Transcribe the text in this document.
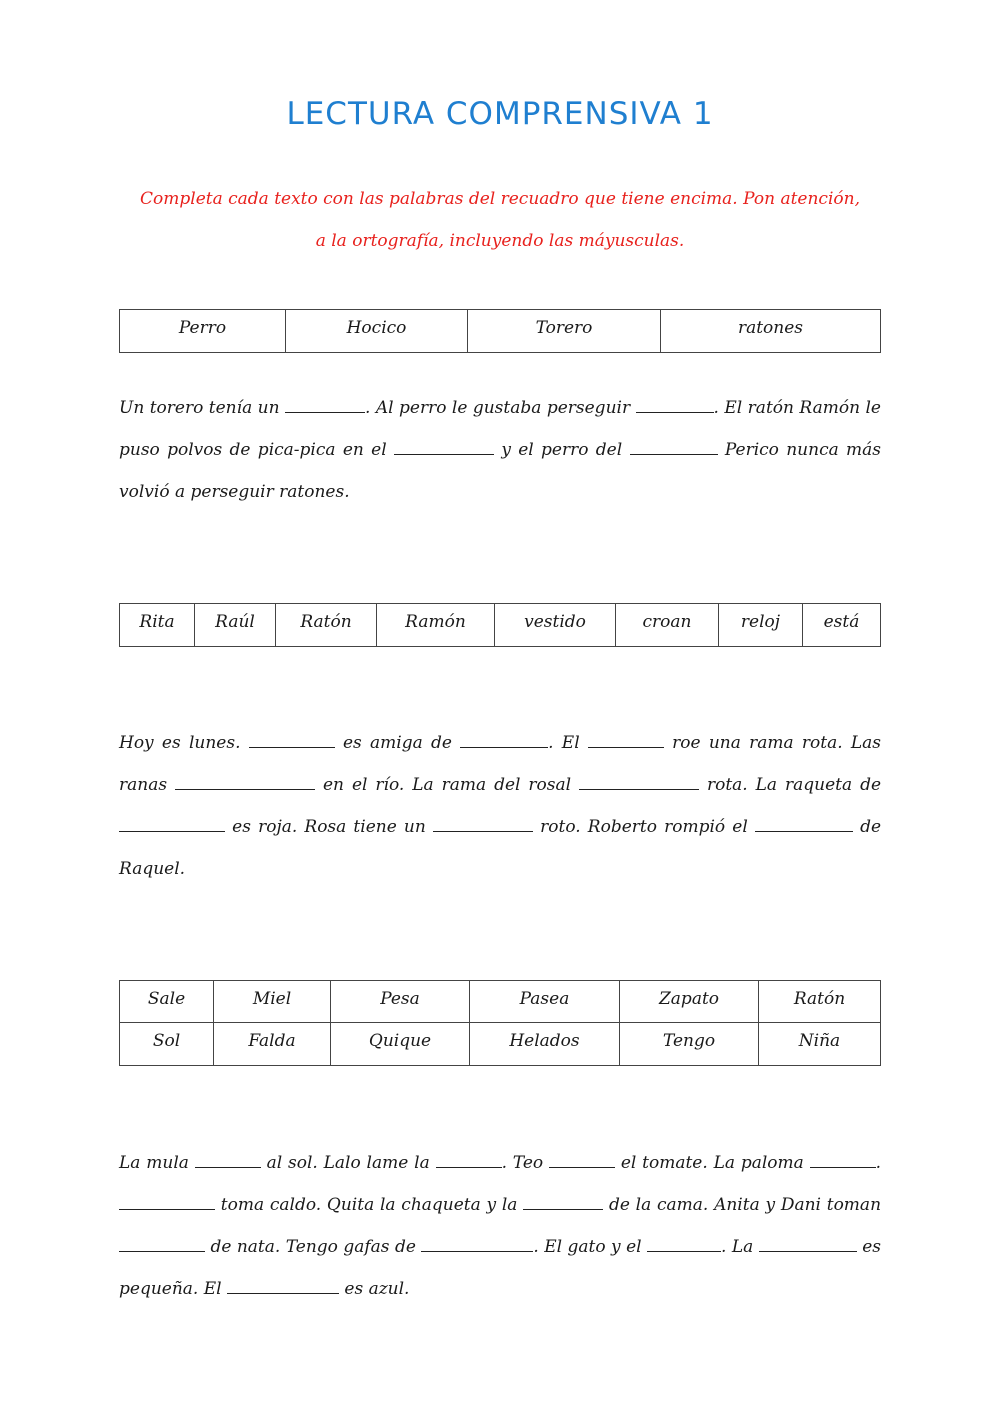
LECTURA COMPRENSIVA 1
Completa cada texto con las palabras del recuadro que tiene encima. Pon atención,
a la ortografía, incluyendo las máyusculas.
Perro	Hocico	Torero	ratones
Un torero tenía un	. Al perro le gustaba perseguir	. El ratón Ramón le puso polvos de pica-pica en el	y el perro del	Perico nunca más volvió a perseguir ratones.
Rita	Raúl	Ratón	Ramón	vestido	croan	reloj	está
Hoy es lunes.	es amiga de	. El	roe una rama rota. Las ranas	en el río. La rama del rosal	rota. La raqueta de  es roja. Rosa tiene un	roto. Roberto rompió el	de Raquel.
Sale	Miel	Pesa	Pasea	Zapato	Ratón
Sol	Falda	Quique	Helados	Tengo	Niña
La mula	al sol. Lalo lame la	. Teo	el tomate. La paloma	.  toma caldo. Quita la chaqueta y la	de la cama. Anita y Dani toman  de nata. Tengo gafas de	. El gato y el	. La	es pequeña. El	es azul.
